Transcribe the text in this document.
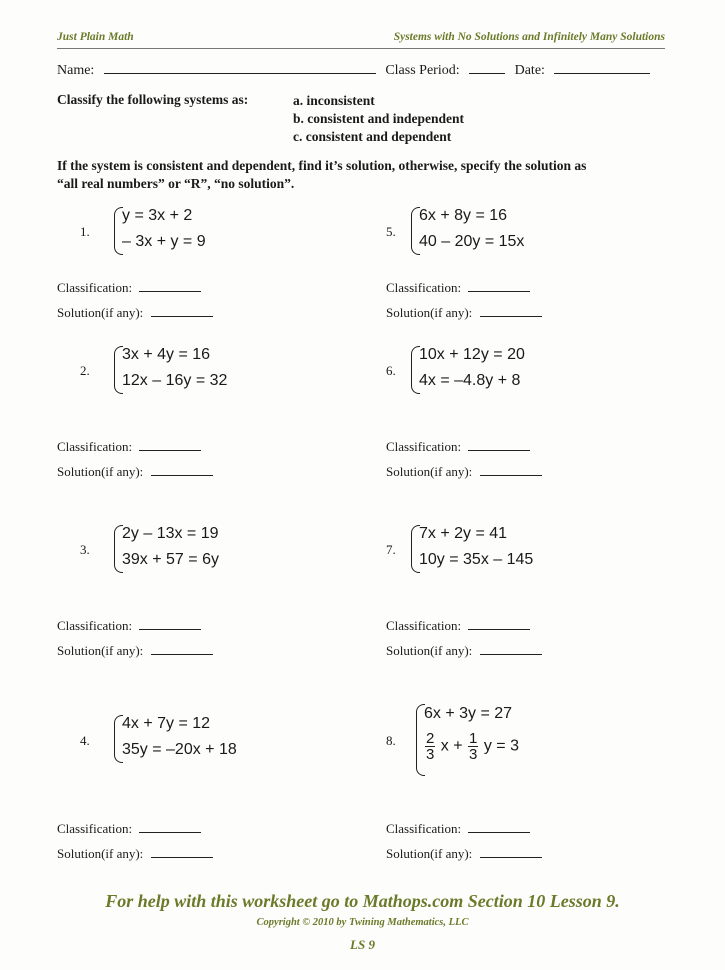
Just Plain Math	Systems with No Solutions and Infinitely Many Solutions
Name:	Class Period:	Date:
Classify the following systems as:	a. inconsistent
b. consistent and independent
c. consistent and dependent
If the system is consistent and dependent, find it’s solution, otherwise, specify the solution as
“all real numbers” or “R”, “no solution”.
1.
y = 3x + 2
– 3x + y = 9
Classification:
Solution(if any):
5.
6x + 8y = 16
40 – 20y = 15x
Classification:
Solution(if any):
2.
3x + 4y = 16
12x – 16y = 32
Classification:
Solution(if any):
6.
10x + 12y = 20
4x = –4.8y + 8
Classification:
Solution(if any):
3.
2y – 13x = 19
39x + 57 = 6y
Classification:
Solution(if any):
7.
7x + 2y = 41
10y = 35x – 145
Classification:
Solution(if any):
4.
4x + 7y = 12
35y = –20x + 18
Classification:
Solution(if any):
8.
6x + 3y = 27
$\frac{2}{3}$ $x + \frac{1}{3}$ y = 3
Classification:
Solution(if any):
For help with this worksheet go to Mathops.com Section 10 Lesson 9.
Copyright © 2010 by Twining Mathematics, LLC
LS 9
